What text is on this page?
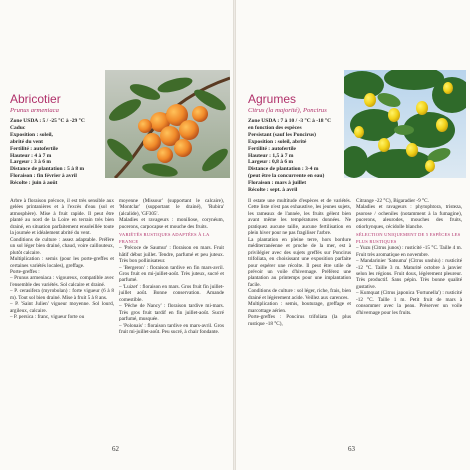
Abricotier
Prunus armeniaca
Zone USDA : 5 / -25 °C à -29 °C
Caduc
Exposition : soleil,
abrité du vent
Fertilité : autofertile
Hauteur : 4 à 7 m
Largeur : 3 à 6 m
Distance de plantation : 5 à 8 m
Floraison : fin février à avril
Récolte : juin à août

Arbre à floraison précoce, il est très sensible aux gelées printanières et à l'excès d'eau (sol et atmosphère). Mise à fruit rapide. Il peut être planté au nord de la Loire en terrain très bien drainé, en situation parfaitement ensoleillée toute la journée et idéalement abrité du vent.

Conditions de culture : assez adaptable. Préfère un sol léger bien drainé, chaud, voire caillouteux, plutôt calcaire.

Multiplication : semis (pour les porte-greffes et certaines variétés locales), greffage.

Porte-greffes :

– Prunus armeniaca : vigoureux, compatible avec l'ensemble des variétés. Sol calcaire et drainé.

– P. cerasifera (myrobolan) : forte vigueur (6 à 8 m). Tout sol bien drainé. Mise à fruit 5 à 8 ans.

– P. 'Saint Julien' vigueur moyenne. Sol lourd, argileux, calcaire.

– P. persica : franc, vigueur forte ou

moyenne (Missour' (supportant le calcaire), 'Montclar' (supportant le drainé), 'Rubira' (alcalide), 'GF305'.

Maladies et ravageurs : moniliose, corynéum, pucerons, carpocapse et mouche des fruits.

VARIÉTÉS RUSTIQUES ADAPTÉES À LA FRANCE

– 'Précoce de Saumur' : floraison en mars. Fruit hâtif début juillet. Tendre, parfumé et peu juteux. Très bon pollinisateur.

– 'Bergeron' : floraison tardive en fin mars-avril. Gros fruit en mi-juillet-août. Très juteux, sucré et parfumé.

– 'Luizet' : floraison en mars. Gros fruit fin juillet-juillet août. Bonne conservation. Amande comestible.

– 'Pêche de Nancy' : floraison tardive mi-mars. Très gros fruit tardif en fin juillet-août. Sucré parfumé, musquée.

– 'Polonais' : floraison tardive en mars-avril. Gros fruit mi-juillet-août. Peu sucré, à chair fondante.

62
Agrumes
Citrus (la majorité), Poncirus
Zone USDA : 7 à 10 / -3 °C à -18 °C
en fonction des espèces
Persistant (sauf les Poncirus)
Exposition : soleil, abrité
Fertilité : autofertile
Hauteur : 1,5 à 7 m
Largeur : 0,8 à 6 m
Distance de plantation : 3-4 m
(peut être la concurrente en eau)
Floraison : mars à juillet
Récolte : sept. à avril

Il estate une multitude d'espèces et de variétés. Cette liste n'est pas exhaustive, les jeunes sujets, les rameaux de l'année, les fruits gèlent bien avant même les températures données. Ne pratiquez aucune taille, aucune fertilisation en plein hiver pour ne pas fragiliser l'arbre.

La plantation en pleine terre, hors bordure méditerranéenne et proche de la mer, est à privilégier avec des sujets greffés sur Poncirus trifoliata, en choisissant une exposition parfaite pour espérer une récolte. Il peut être utile de prévoir un voile d'hivernage. Préférez une plantation au printemps pour une implantation facile.

Conditions de culture : sol léger, riche, frais, bien drainé et légèrement acide. Veillez aux carences.

Multiplication : semis, bouturage, greffage et marcottage aérien.

Porte-greffes : Poncirus trifoliata (la plus rustique -18 °C),

Citrange -22 °C), Bigaradier -9 °C.

Maladies et ravageurs : phytophtora, tristeza, psorose / ocheniles (notamment à la fumagine), pucerons, aleurodes, mouches des fruits, otiorhynques, cécidolle blanche.

SÉLECTION UNIQUEMENT DE 5 ESPÈCES LES PLUS RUSTIQUES

– Yuzu (Citrus junos) : rusticité -15 °C. Taille 4 m. Fruit très aromatique en novembre.

– Mandarinier 'Satsuma' (Citrus unshiu) : rusticité -12 °C. Taille 3 m. Maturité octobre à janvier selon les régions. Fruit doux, légèrement pleureur. Très productif. Sans pépin. Très bonne qualité gustative.

– Kumquat (Citrus japonica 'Fortunella') : rusticité -12 °C. Taille 1 m. Petit fruit de mars à consommer avec la peau. Préserver un voile d'hivernage pour les fruits.

63
